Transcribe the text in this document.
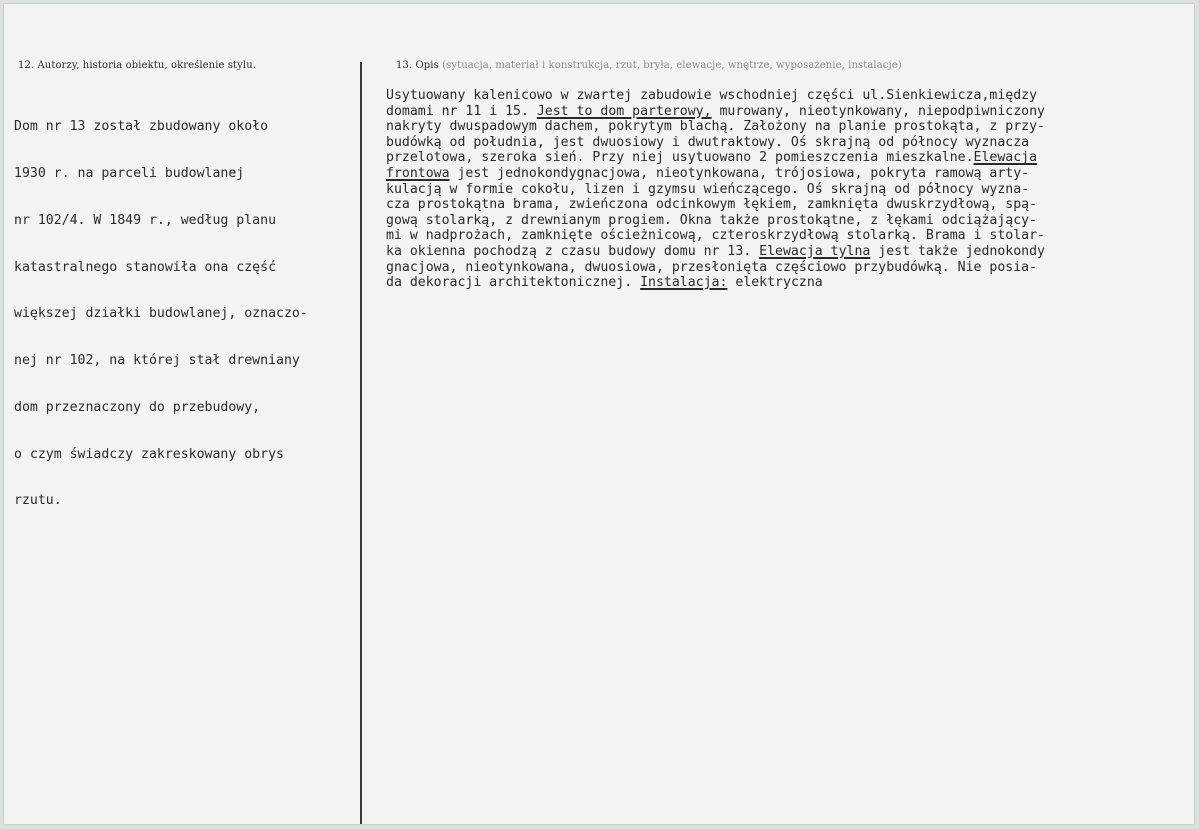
12. Autorzy, historia obiektu, określenie stylu.	13. Opis (sytuacja, materiał i konstrukcja, rzut, bryła, elewacje, wnętrze, wyposażenie, instalacje)

Dom nr 13 został zbudowany około

1930 r. na parceli budowlanej

nr 102/4. W 1849 r., według planu

katastralnego stanowiła ona część

większej działki budowlanej, oznaczo-

nej nr 102, na której stał drewniany

dom przeznaczony do przebudowy,

o czym świadczy zakreskowany obrys

rzutu.

Usytuowany kalenicowo w zwartej zabudowie wschodniej części ul.Sienkiewicza,między
domami nr 11 i 15. Jest to dom parterowy, murowany, nieotynkowany, niepodpiwniczony
nakryty dwuspadowym dachem, pokrytym blachą. Założony na planie prostokąta, z przy-
budówką od południa, jest dwuosiowy i dwutraktowy. Oś skrajną od północy wyznacza
przelotowa, szeroka sień. Przy niej usytuowano 2 pomieszczenia mieszkalne.Elewacja
frontowa jest jednokondygnacjowa, nieotynkowana, trójosiowa, pokryta ramową arty-
kulacją w formie cokołu, lizen i gzymsu wieńczącego. Oś skrajną od północy wyzna-
cza prostokątna brama, zwieńczona odcinkowym łękiem, zamknięta dwuskrzydłową, spą-
gową stolarką, z drewnianym progiem. Okna także prostokątne, z łękami odciążający-
mi w nadprożach, zamknięte ościeżnicową, czteroskrzydłową stolarką. Brama i stolar-
ka okienna pochodzą z czasu budowy domu nr 13. Elewacja tylna jest także jednokondy
gnacjowa, nieotynkowana, dwuosiowa, przesłonięta częściowo przybudówką. Nie posia-
da dekoracji architektonicznej. Instalacja: elektryczna
